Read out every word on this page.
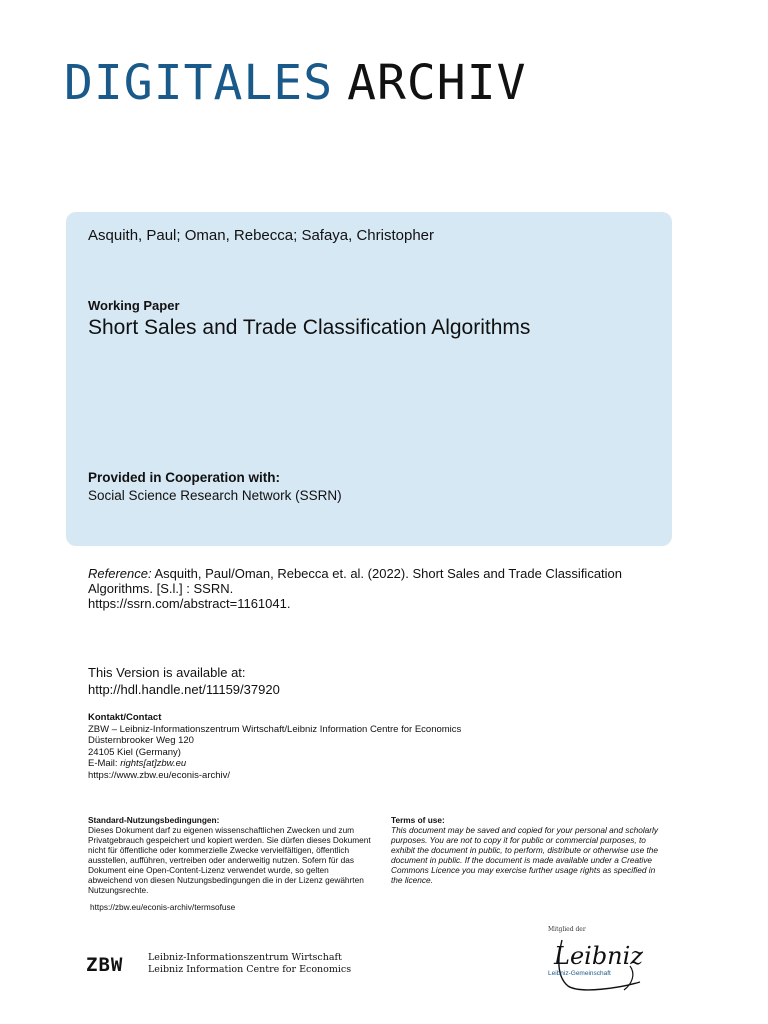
DIGITALES ARCHIV
Asquith, Paul; Oman, Rebecca; Safaya, Christopher
Working Paper
Short Sales and Trade Classification Algorithms
Provided in Cooperation with:
Social Science Research Network (SSRN)
Reference: Asquith, Paul/Oman, Rebecca et. al. (2022). Short Sales and Trade Classification Algorithms. [S.l.] : SSRN.
https://ssrn.com/abstract=1161041.
This Version is available at:
http://hdl.handle.net/11159/37920
Kontakt/Contact
ZBW – Leibniz-Informationszentrum Wirtschaft/Leibniz Information Centre for Economics
Düsternbrooker Weg 120
24105 Kiel (Germany)
E-Mail: rights[at]zbw.eu
https://www.zbw.eu/econis-archiv/
Standard-Nutzungsbedingungen:
Dieses Dokument darf zu eigenen wissenschaftlichen Zwecken und zum Privatgebrauch gespeichert und kopiert werden. Sie dürfen dieses Dokument nicht für öffentliche oder kommerzielle Zwecke vervielfältigen, öffentlich ausstellen, aufführen, vertreiben oder anderweitig nutzen. Sofern für das Dokument eine Open-Content-Lizenz verwendet wurde, so gelten abweichend von diesen Nutzungsbedingungen die in der Lizenz gewährten Nutzungsrechte.
Terms of use:
This document may be saved and copied for your personal and scholarly purposes. You are not to copy it for public or commercial purposes, to exhibit the document in public, to perform, distribute or otherwise use the document in public. If the document is made available under a Creative Commons Licence you may exercise further usage rights as specified in the licence.
https://zbw.eu/econis-archiv/termsofuse
ZBW	Leibniz-Informationszentrum Wirtschaft
Leibniz Information Centre for Economics
Mitglied der
Leibniz
Leibniz-Gemeinschaft
